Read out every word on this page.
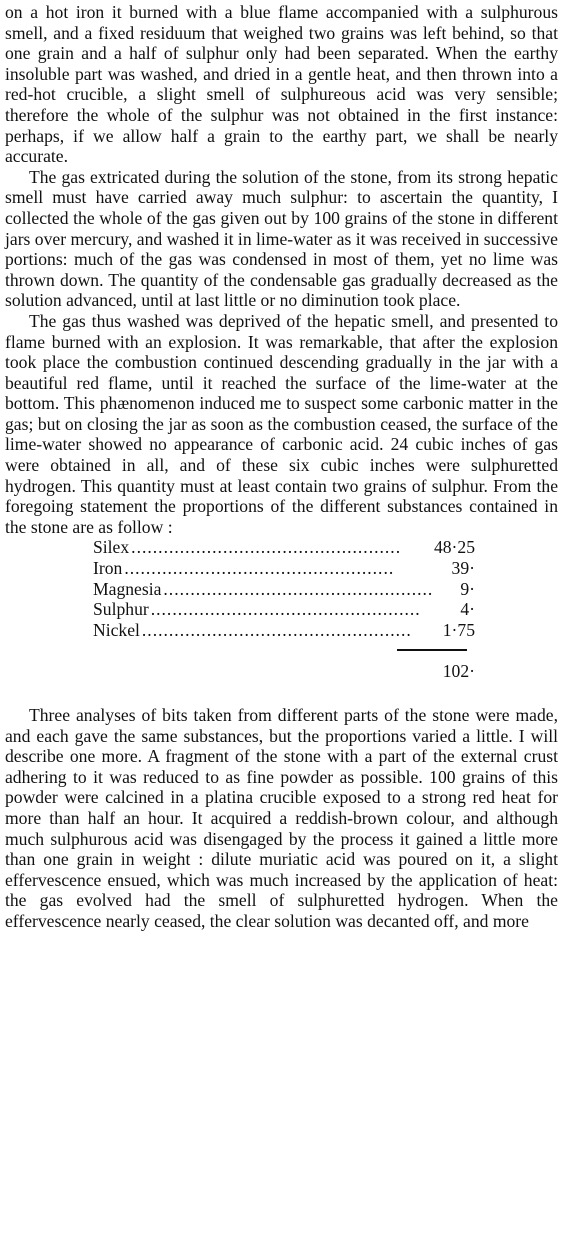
on a hot iron it burned with a blue flame accompanied with a sulphurous smell, and a fixed residuum that weighed two grains was left behind, so that one grain and a half of sulphur only had been separated. When the earthy insoluble part was washed, and dried in a gentle heat, and then thrown into a red-hot crucible, a slight smell of sulphureous acid was very sensible; therefore the whole of the sulphur was not obtained in the first instance: perhaps, if we allow half a grain to the earthy part, we shall be nearly accurate.

The gas extricated during the solution of the stone, from its strong hepatic smell must have carried away much sulphur: to ascertain the quantity, I collected the whole of the gas given out by 100 grains of the stone in different jars over mercury, and washed it in lime-water as it was received in successive portions: much of the gas was condensed in most of them, yet no lime was thrown down. The quantity of the condensable gas gradually decreased as the solution advanced, until at last little or no diminution took place.

The gas thus washed was deprived of the hepatic smell, and presented to flame burned with an explosion. It was remarkable, that after the explosion took place the combustion continued descending gradually in the jar with a beautiful red flame, until it reached the surface of the lime-water at the bottom. This phænomenon induced me to suspect some carbonic matter in the gas; but on closing the jar as soon as the combustion ceased, the surface of the lime-water showed no appearance of carbonic acid. 24 cubic inches of gas were obtained in all, and of these six cubic inches were sulphuretted hydrogen. This quantity must at least contain two grains of sulphur. From the foregoing statement the proportions of the different substances contained in the stone are as follow :

Silex ..................................................	48·25
Iron ..................................................	39·
Magnesia ..................................................	9·
Sulphur ..................................................	4·
Nickel ..................................................	1·75
102·

Three analyses of bits taken from different parts of the stone were made, and each gave the same substances, but the proportions varied a little. I will describe one more. A fragment of the stone with a part of the external crust adhering to it was reduced to as fine powder as possible. 100 grains of this powder were calcined in a platina crucible exposed to a strong red heat for more than half an hour. It acquired a reddish-brown colour, and although much sulphurous acid was disengaged by the process it gained a little more than one grain in weight : dilute muriatic acid was poured on it, a slight effervescence ensued, which was much increased by the application of heat: the gas evolved had the smell of sulphuretted hydrogen. When the effervescence nearly ceased, the clear solution was decanted off, and more
